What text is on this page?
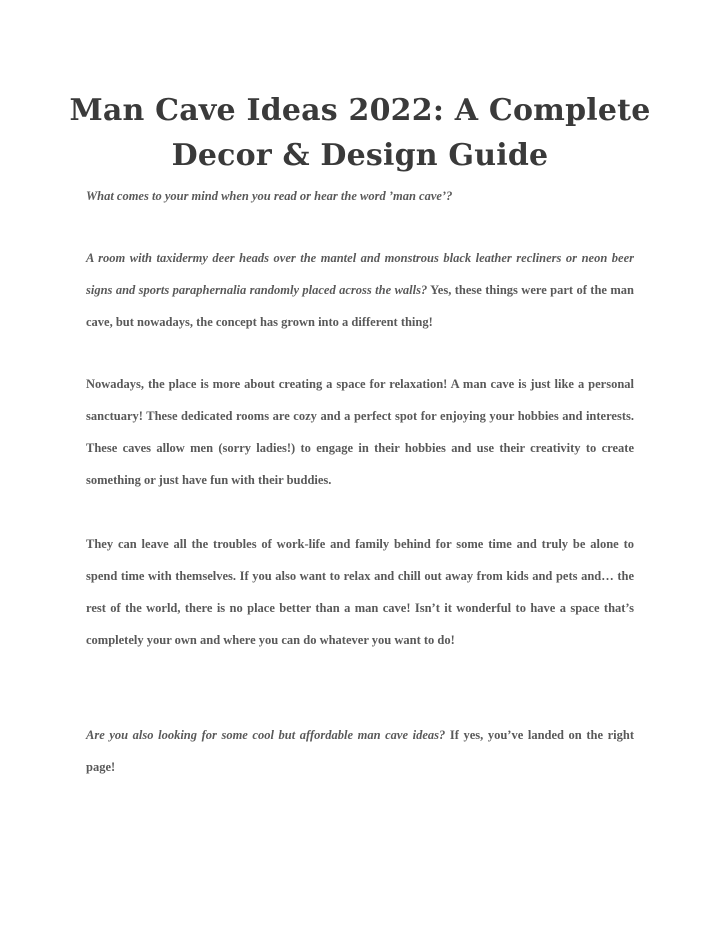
Man Cave Ideas 2022: A Complete Decor & Design Guide

What comes to your mind when you read or hear the word ’man cave’?

A room with taxidermy deer heads over the mantel and monstrous black leather recliners or neon beer signs and sports paraphernalia randomly placed across the walls? Yes, these things were part of the man cave, but nowadays, the concept has grown into a different thing!

Nowadays, the place is more about creating a space for relaxation! A man cave is just like a personal sanctuary! These dedicated rooms are cozy and a perfect spot for enjoying your hobbies and interests. These caves allow men (sorry ladies!) to engage in their hobbies and use their creativity to create something or just have fun with their buddies.

They can leave all the troubles of work-life and family behind for some time and truly be alone to spend time with themselves. If you also want to relax and chill out away from kids and pets and… the rest of the world, there is no place better than a man cave! Isn’t it wonderful to have a space that’s completely your own and where you can do whatever you want to do!

Are you also looking for some cool but affordable man cave ideas? If yes, you’ve landed on the right page!
